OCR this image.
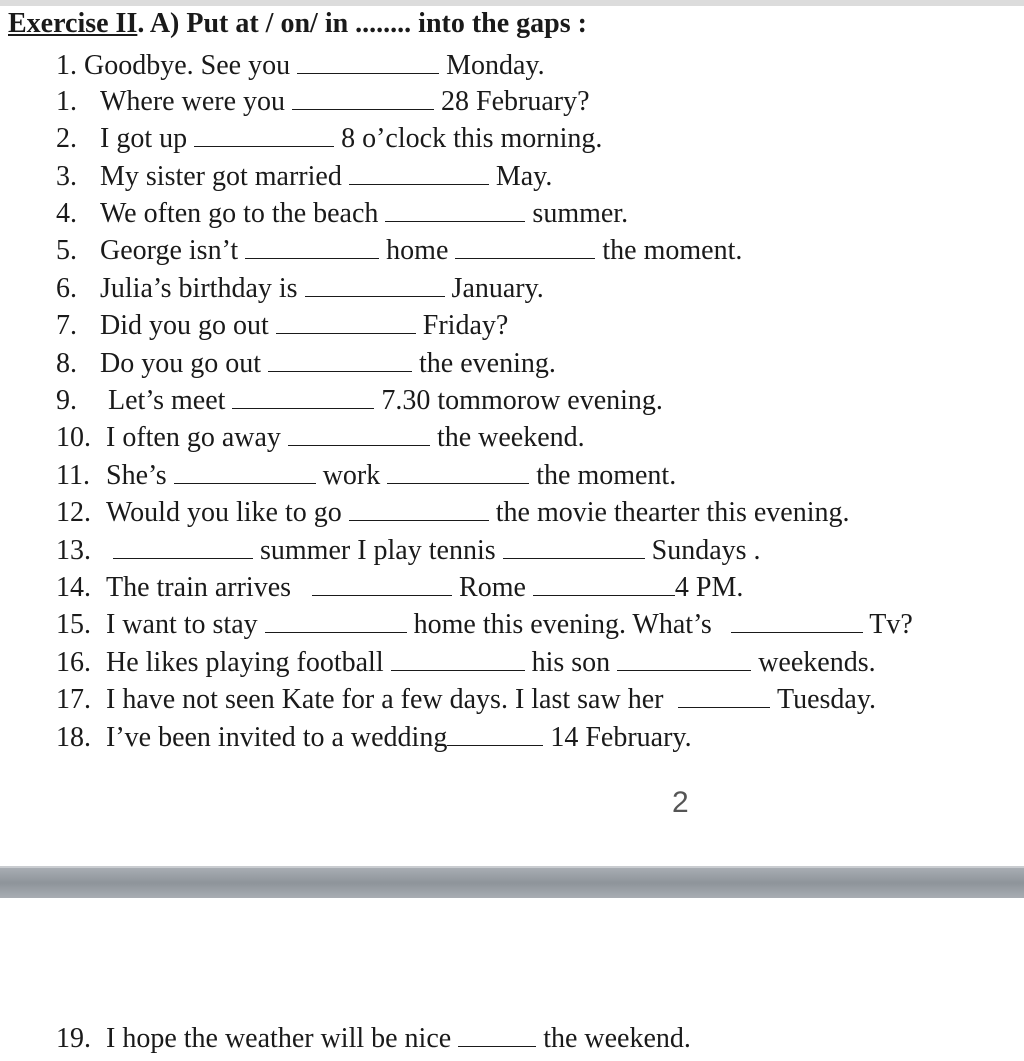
Exercise II. A) Put at / on/ in ........ into the gaps :
1. Goodbye. See you	Monday.
1. Where were you	28 February?
2. I got up	8 o’clock this morning.
3. My sister got married	May.
4. We often go to the beach	summer.
5. George isn’t	home	the moment.
6. Julia’s birthday is	January.
7. Did you go out	Friday?
8. Do you go out	the evening.
9. Let’s meet	7.30 tommorow evening.
10. I often go away	the weekend.
11. She’s	work	the moment.
12. Would you like to go	the movie thearter this evening.
13.	summer I play tennis	Sundays .
14. The train arrives	Rome	4 PM.
15. I want to stay	home this evening. What’s	Tv?
16. He likes playing football	his son	weekends.
17. I have not seen Kate for a few days. I last saw her	Tuesday.
18. I’ve been invited to a wedding	14 February.
2
19. I hope the weather will be nice	the weekend.
